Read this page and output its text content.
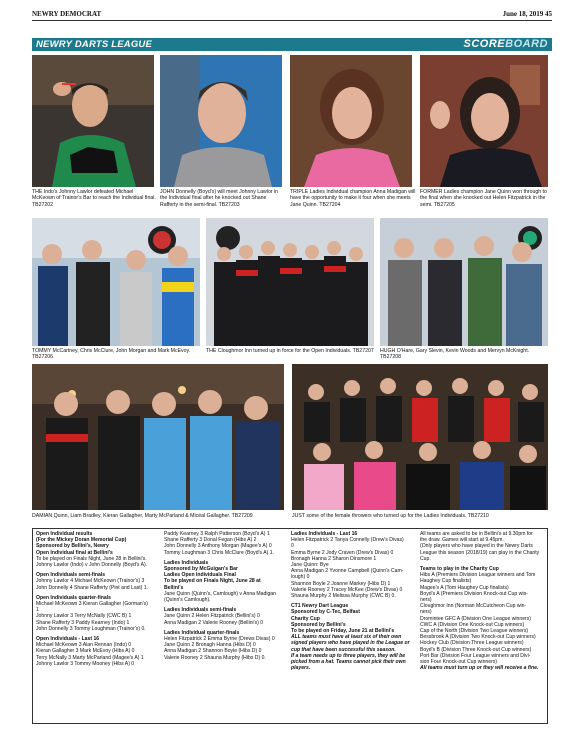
NEWRY DEMOCRAT	June 18, 2019 45
NEWRY DARTS LEAGUE	SCOREBOARD
THE Indo's Johnny Lawlor defeated Michael McKeown of Trainor's Bar to reach the Individual final. TB27202
JOHN Donnelly (Boyd's) will meet Johnny Lawlor in the Individual final after he knocked out Shane Rafferty in the semi-final. TB27203
TRIPLE Ladies Individual champion Anna Madigan will have the opportunity to make it four when she meets Jane Quinn. TB27204
FORMER Ladies champion Jane Quinn won through to the final when she knocked out Helen Fitzpatrick in the semi. TB27205
TOMMY McCartney, Chris McClure, John Morgan and Mark McEvoy. TB27206
THE Cloughmor Inn turned up in force for the Open Individuals. TB27207 HUGH O'Hare, Gary Slevin, Kevin Woods and Mervyn McKnight. TB27208
DAMIAN Quinn, Liam Bradley, Kieran Gallagher, Marty McParland & Micéal Gallagher. TB27209	JUST some of the female throwers who turned up for the Ladies Individuals. TB27210

Open Individual results

(For the Mickey Doran Memorial Cup)

Sponsored by Bellini's, Newry

Open Individual final at Bellini's

To be played on Finals Night, June 28 in Bellini's.

Johnny Lawlor (Indo) v John Donnelly (Boyd's A).

Open Individuals semi-finals

Johnny Lawlor 4 Michael McKeown (Trainor's) 3

John Donnelly 4 Shane Rafferty (Pint and Last) 1.

Open Individuals quarter-finals

Michael McKeown 3 Kieran Gallagher (Gorman's)

1

Johnny Lawlor 3 Terry McNally (CWC B) 1

Shane Rafferty 3 Paddy Kearney (Indo) 1

John Donnelly 3 Tommy Loughman (Trainor's) 0.

Open Individuals - Last 16

Michael McKeown 3 Alan Rennan (Indo) 0

Kieran Gallagher 3 Mark McEvoy (Hibs A) 0

Terry McNally 3 Marty McParland (Magee's A) 1

Johnny Lawlor 3 Tommy Mooney (Hibs A) 0

Paddy Kearney 3 Ralph Patterson (Boyd's A) 1

Shane Rafferty 3 Donal Fegan (Hibs A) 2

John Donnelly 3 Anthony Morgan (Magee's A) 0

Tommy Loughman 3 Chris McClure (Boyd's A) 1.

Ladies Individuals

Sponsored by McGuigan's Bar

Ladies Open Individuals Final

To be played on Finals Night, June 28 at

Bellini's

Jane Quinn (Quinn's, Camlough) v Anna Madigan

(Quinn's Camlough).

Ladies Individuals semi-finals

Jane Quinn 2 Helen Fitzpatrick (Bellini's) 0

Anna Madigan 2 Valerie Rooney (Bellini's) 0

Ladies Individual quarter-finals

Helen Fitzpatrick 2 Emma Byrne (Drews Divas) 0

Jane Quinn 2 Bronagh Hanna (Hibs D) 0

Anna Madigan 2 Shannon Boyle (Hibs D) 0

Valerie Rooney 2 Shauna Murphy (Hibs D) 0.

Ladies Individuals - Last 16

Helen Fitzpatrick 2 Tanya Connelly (Drew's Divas)

0

Emma Byrne 2 Jody Craven (Drew's Divas) 0

Bronagh Hanna 2 Sharon Dinsmore 1

Jane Quinn: Bye

Anna Madigan 2 Yvonne Campbell (Quinn's Cam-

lough) 0

Shannon Boyle 2 Joanne Markey (Hibs D) 1

Valerie Rooney 2 Tracey McKee (Drew's Divas) 0

Shauna Murphy 2 Melissa Murphy (CWC B) 0.

CT1 Newry Dart League

Sponsored by C-Tec, Belfast

Charity Cup

Sponsored by Bellini's

To be played on Friday, June 21 at Bellini's

ALL teams must have at least six of their own

signed players who have played in the League or

cup that have been successful this season.

If a team needs up to three players, they will be

picked from a hat. Teams cannot pick their own

players.

All teams are asked to be in Bellini's at 9.30pm for

the draw. Games will start at 9.45pm.

(Only players who have played in the Newry Darts

League this season (2018/19) can play in the Charity

Cup.

Teams to play in the Charity Cup

Hibs A (Premiers Division League winners and Tom

Haughey Cup finalists)

Magee's A (Tom Haughey Cup finalists)

Boyd's A (Premiers Division Knock-out Cup win-

ners)

Cloughmor Inn (Norman McCutcheon Cup win-

ners)

Dromintee GFC A (Division One League winners)

CWC A (Division One Knock-out Cup winners)

Cap of the North (Division Two League winners)

Bessbrook A (Division Two Knock-out Cup winners)

Hockey Club (Division Three League winners)

Boyd's B (Division Three Knock-out Cup winners)

Port Bar (Division Four League winners and Divi-

sion Four Knock-out Cup winners)

All teams must turn up or they will receive a fine.
